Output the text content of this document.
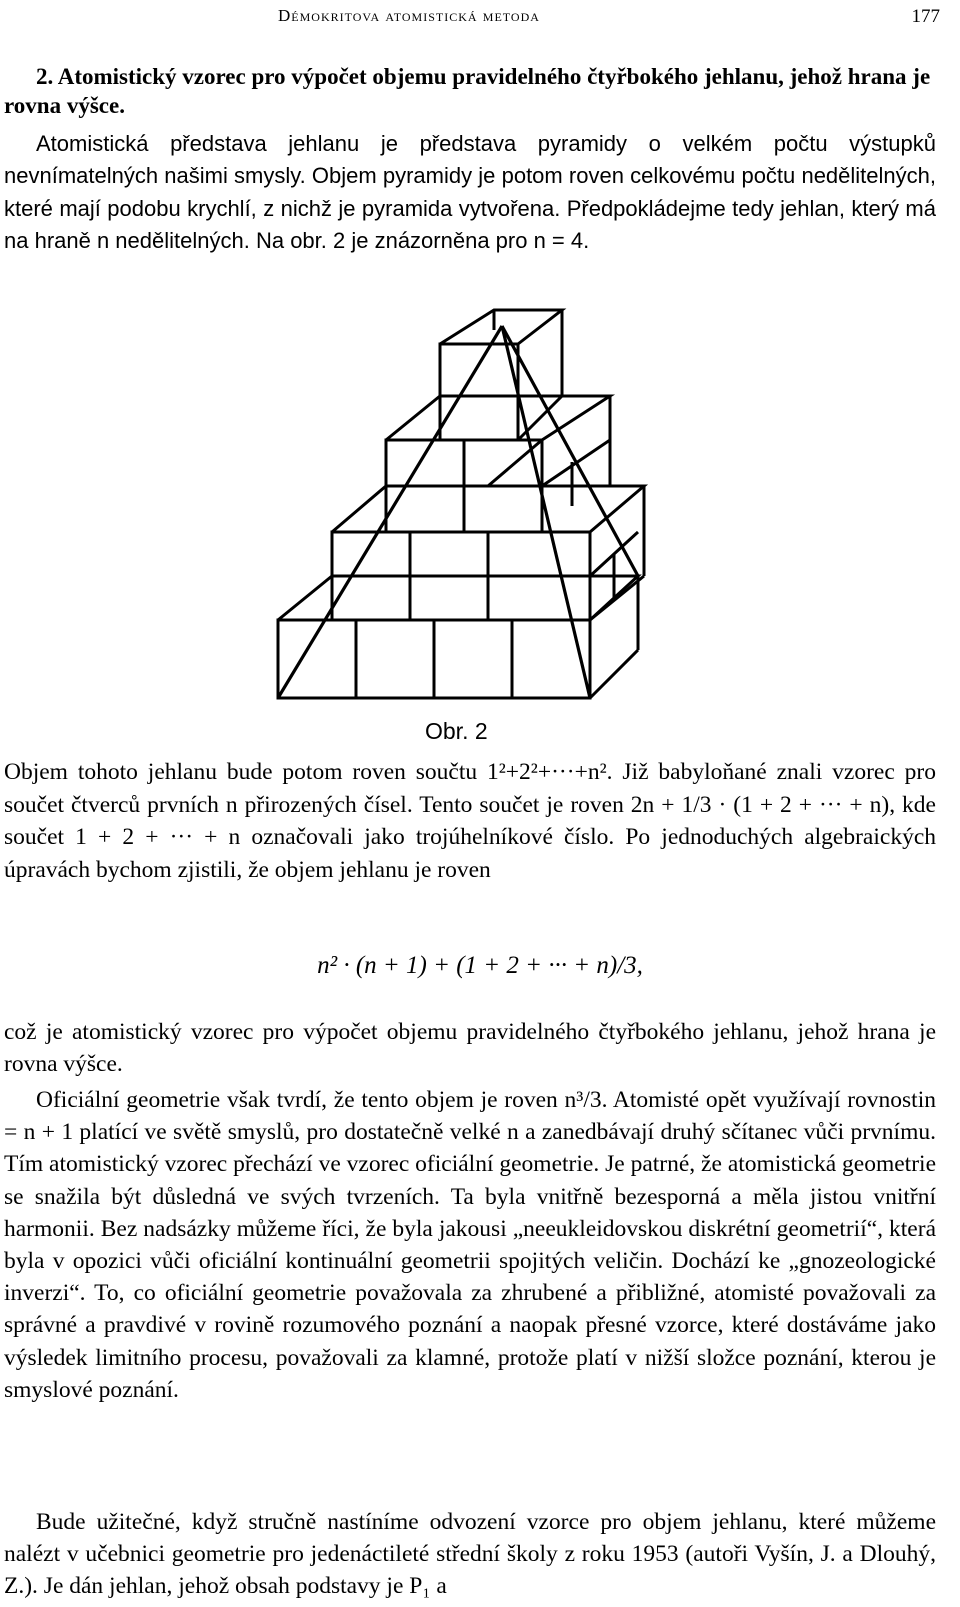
Démokritova atomistická metoda	177

2. Atomistický vzorec pro výpočet objemu pravidelného čtyřbokého jehlanu, jehož hrana je rovna výšce.

Atomistická představa jehlanu je představa pyramidy o velkém počtu výstupků nevnímatelných našimi smysly. Objem pyramidy je potom roven celkovému počtu nedělitelných, které mají podobu krychlí, z nichž je pyramida vytvořena. Předpokládejme tedy jehlan, který má na hraně n nedělitelných. Na obr. 2 je znázorněna pro n = 4.

Obr. 2

Objem tohoto jehlanu bude potom roven součtu 1²+2²+···+n². Již babyloňané znali vzorec pro součet čtverců prvních n přirozených čísel. Tento součet je roven 2n + 1/3 · (1 + 2 + ··· + n), kde součet 1 + 2 + ··· + n označovali jako trojúhelníkové číslo. Po jednoduchých algebraických úpravách bychom zjistili, že objem jehlanu je roven

n² · (n + 1) + (1 + 2 + ··· + n)/3,

což je atomistický vzorec pro výpočet objemu pravidelného čtyřbokého jehlanu, jehož hrana je rovna výšce.

Oficiální geometrie však tvrdí, že tento objem je roven n³/3. Atomisté opět využívají rovnostin = n + 1 platící ve světě smyslů, pro dostatečně velké n a zanedbávají druhý sčítanec vůči prvnímu. Tím atomistický vzorec přechází ve vzorec oficiální geometrie. Je patrné, že atomistická geometrie se snažila být důsledná ve svých tvrzeních. Ta byla vnitřně bezesporná a měla jistou vnitřní harmonii. Bez nadsázky můžeme říci, že byla jakousi „neeukleidovskou diskrétní geometrií“, která byla v opozici vůči oficiální kontinuální geometrii spojitých veličin. Dochází ke „gnozeologické inverzi“. To, co oficiální geometrie považovala za zhrubené a přibližné, atomisté považovali za správné a pravdivé v rovině rozumového poznání a naopak přesné vzorce, které dostáváme jako výsledek limitního procesu, považovali za klamné, protože platí v nižší složce poznání, kterou je smyslové poznání.

Bude užitečné, když stručně nastíníme odvození vzorce pro objem jehlanu, které můžeme nalézt v učebnici geometrie pro jedenáctileté střední školy z roku 1953 (autoři Vyšín, J. a Dlouhý, Z.). Je dán jehlan, jehož obsah podstavy je P₁ a
